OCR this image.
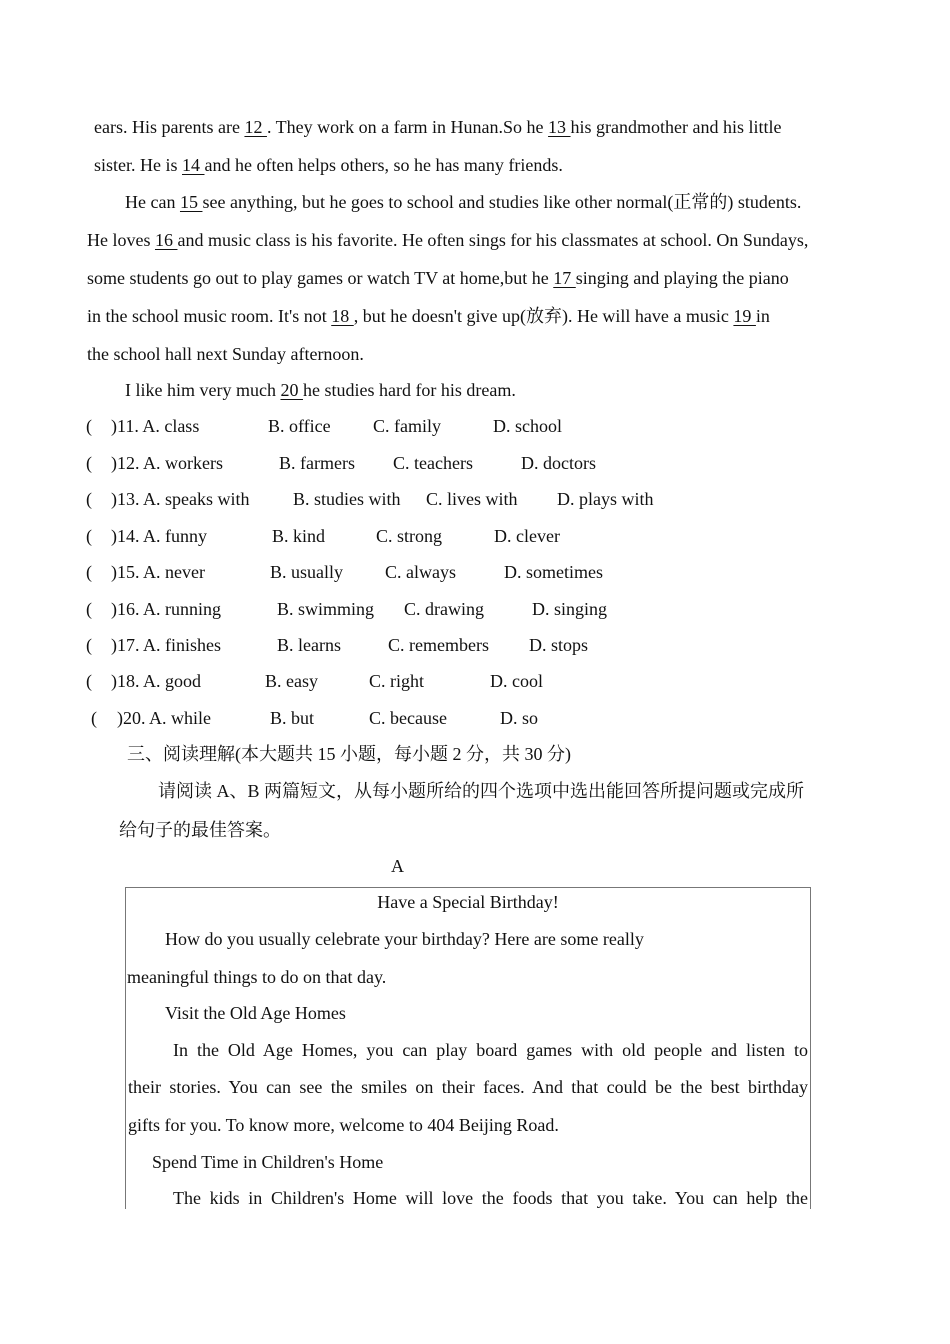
ears. His parents are 12 . They work on a farm in Hunan.So he 13 his grandmother and his little
sister. He is 14 and he often helps others, so he has many friends.
He can 15 see anything, but he goes to school and studies like other normal(正常的) students.
He loves 16 and music class is his favorite. He often sings for his classmates at school. On Sundays,
some students go out to play games or watch TV at home,but he 17 singing and playing the piano
in the school music room. It's not 18 , but he doesn't give up(放弃). He will have a music 19 in
the school hall next Sunday afternoon.
I like him very much 20 he studies hard for his dream.
( )11. A. class	B. office C. family	D. school
( )12. A. workers	B. farmers C. teachers	D. doctors
( )13. A. speaks with B. studies with C. lives with D. plays with
( )14. A. funny	B. kind	C. strong	D. clever
( )15. A. never	B. usually C. always	D. sometimes
( )16. A. running	B. swimming C. drawing	D. singing
( )17. A. finishes	B. learns	C. remembers D. stops
( )18. A. good	B. easy	C. right	D. cool
( )20. A. while	B. but	C. because	D. so
三、阅读理解(本大题共 15 小题，每小题 2 分，共 30 分)
请阅读 A、B 两篇短文，从每小题所给的四个选项中选出能回答所提问题或完成所
给句子的最佳答案。
A
Have a Special Birthday!
How do you usually celebrate your birthday? Here are some really
meaningful things to do on that day.
Visit the Old Age Homes
In the Old Age Homes, you can play board games with old people and listen to
their stories. You can see the smiles on their faces. And that could be the best birthday
gifts for you. To know more, welcome to 404 Beijing Road.
Spend Time in Children's Home
The kids in Children's Home will love the foods that you take. You can help the
